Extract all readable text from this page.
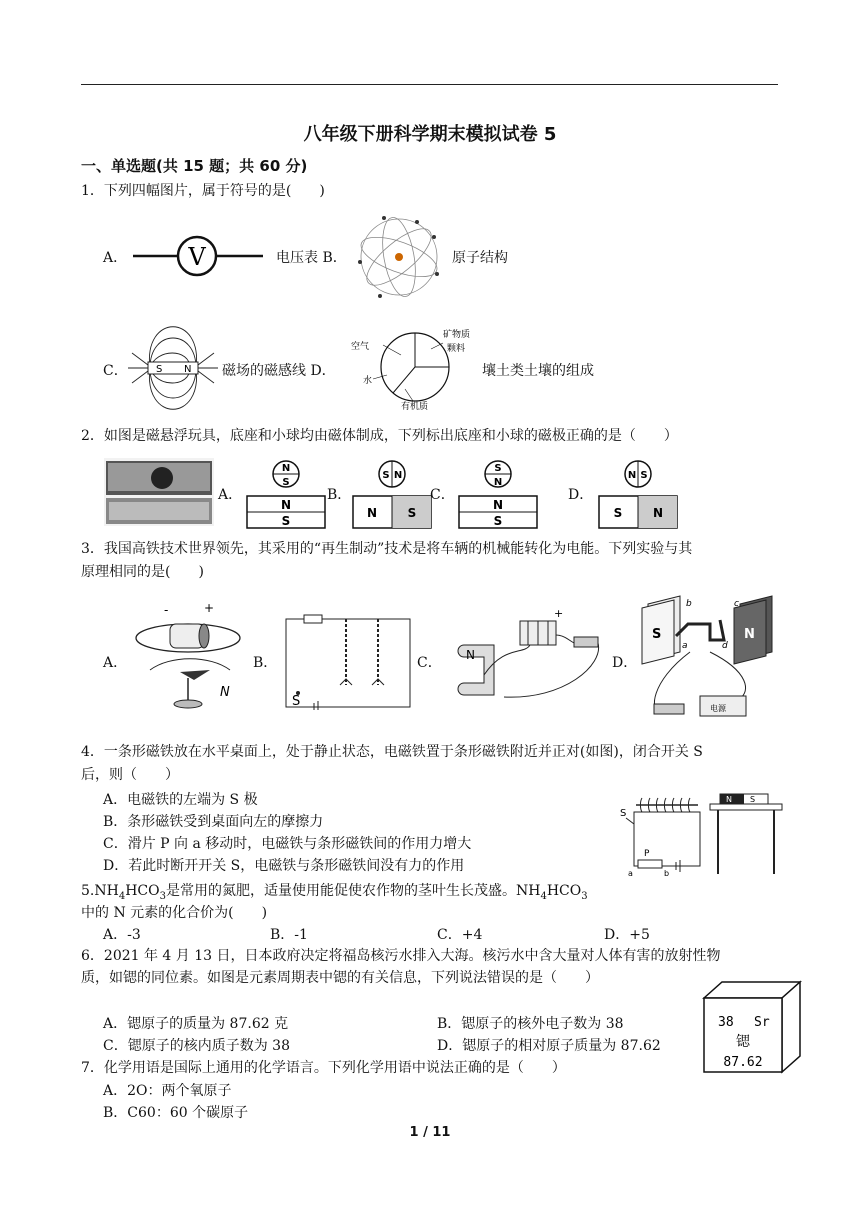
八年级下册科学期末模拟试卷 5
一、单选题(共 15 题；共 60 分)
1．下列四幅图片，属于符号的是(　　)
A．	V	电压表 B．	原子结构
C．	S N 磁场的磁感线 D．
空气
水
矿物质
颗料
有机质
壤土类土壤的组成
2．如图是磁悬浮玩具，底座和小球均由磁体制成，下列标出底座和小球的磁极正确的是（　　）
A．
N
S
N
S
B．
S N
N	S
C．
S
N
N
S
D．
N S
S	N
3．我国高铁技术世界领先，其采用的“再生制动”技术是将车辆的机械能转化为电能。下列实验与其
原理相同的是(　　)
A．
-	+
N
B．
S
C． N
+
D．
S	N
b	c
a	d
电源
4．一条形磁铁放在水平桌面上，处于静止状态，电磁铁置于条形磁铁附近并正对(如图)，闭合开关 S
后，则（　　）
A．电磁铁的左端为 S 极
B．条形磁铁受到桌面向左的摩擦力
C．滑片 P 向 a 移动时，电磁铁与条形磁铁间的作用力增大
D．若此时断开开关 S，电磁铁与条形磁铁间没有力的作用
S
P
a	b
N S
$5.NH_4HCO_3$是常用的氮肥，适量使用能促使农作物的茎叶生长茂盛。$NH_4HCO_3$
中的 N 元素的化合价为(　　)
A．-3	B．-1	C．+4	D．+5
6．2021 年 4 月 13 日，日本政府决定将福岛核污水排入大海。核污水中含大量对人体有害的放射性物
质，如锶的同位素。如图是元素周期表中锶的有关信息，下列说法错误的是（　　）
A．锶原子的质量为 87.62 克	B．锶原子的核外电子数为 38
C．锶原子的核内质子数为 38	D．锶原子的相对原子质量为 87.62
38 Sr
锶
87.62
7．化学用语是国际上通用的化学语言。下列化学用语中说法正确的是（　　）
A．2O：两个氧原子
B．C60：60 个碳原子
1 / 11
